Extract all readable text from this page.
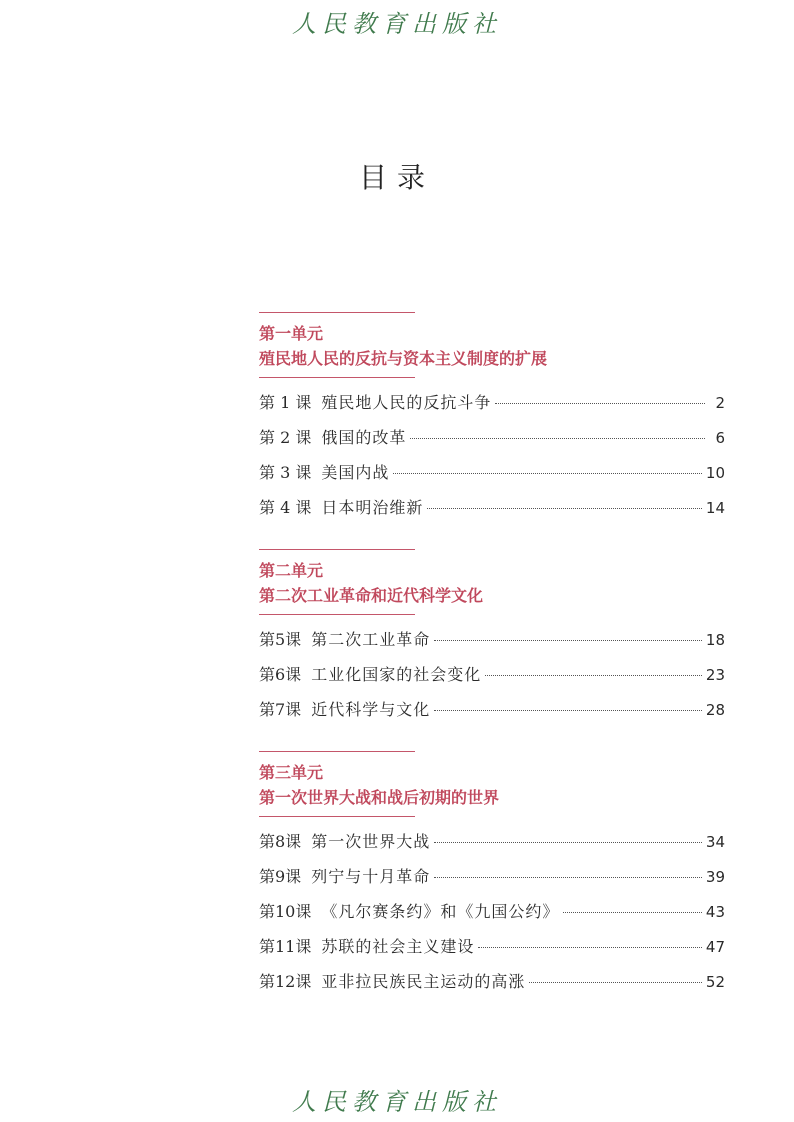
人民教育出版社
目录
第一单元
殖民地人民的反抗与资本主义制度的扩展
第 1 课 殖民地人民的反抗斗争	2
第 2 课 俄国的改革	6
第 3 课 美国内战	10
第 4 课 日本明治维新	14
第二单元
第二次工业革命和近代科学文化
第5课 第二次工业革命	18
第6课 工业化国家的社会变化	23
第7课 近代科学与文化	28
第三单元
第一次世界大战和战后初期的世界
第8课 第一次世界大战	34
第9课 列宁与十月革命	39
第10课 《凡尔赛条约》和《九国公约》	43
第11课 苏联的社会主义建设	47
第12课 亚非拉民族民主运动的高涨	52
人民教育出版社
